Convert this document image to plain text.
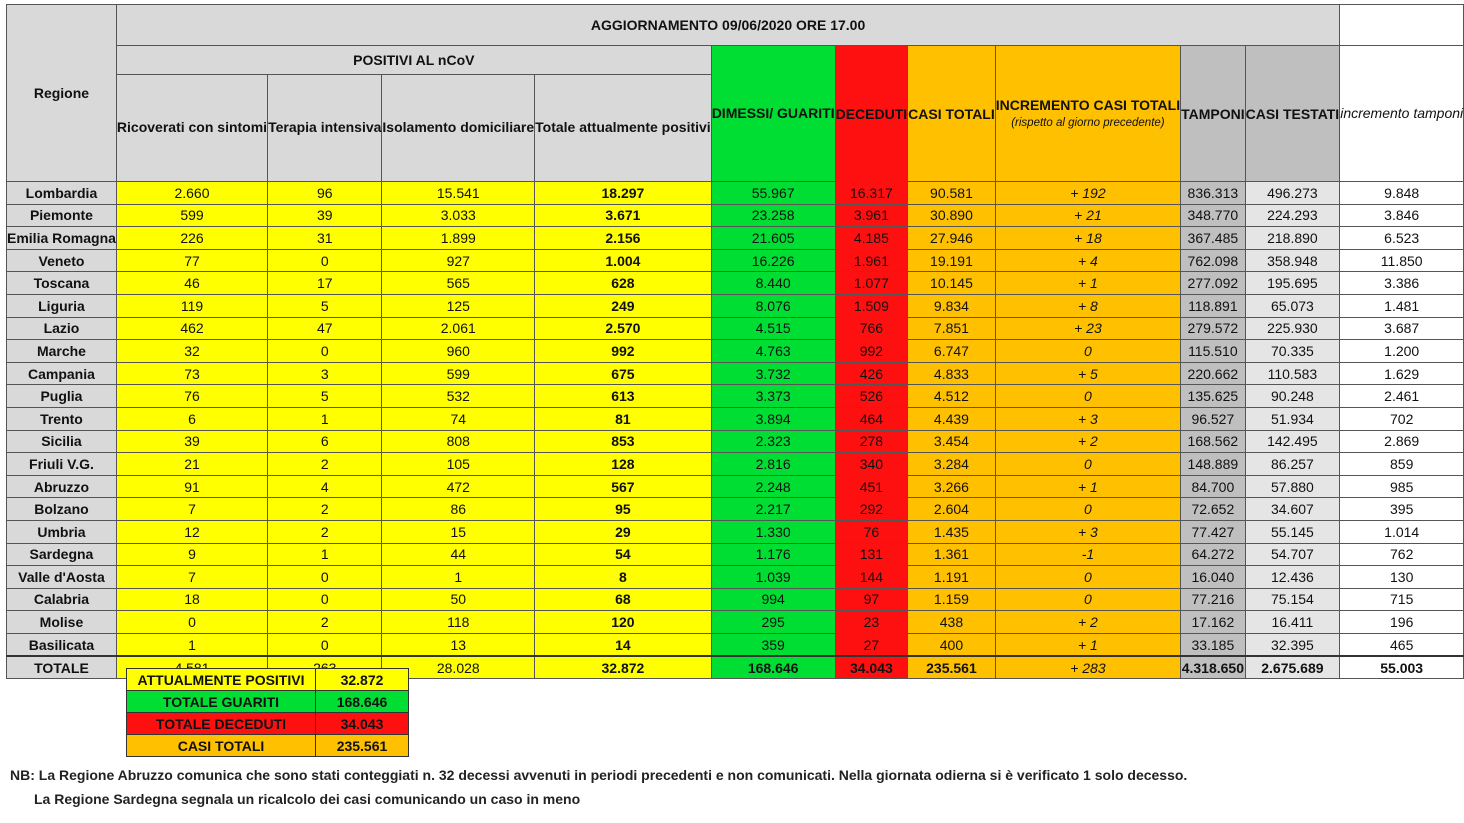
Regione	AGGIORNAMENTO 09/06/2020 ORE 17.00										
	POSITIVI AL nCoV				DIMESSI/ GUARITI	DECEDUTI	CASI TOTALI	INCREMENTO CASI TOTALI
(rispetto al giorno precedente)	TAMPONI	CASI TESTATI	incremento tamponi
	Ricoverati con sintomi	Terapia intensiva	Isolamento domiciliare	Totale attualmente positivi							
Lombardia	2.660	96	15.541	18.297	55.967	16.317	90.581	+ 192	836.313	496.273	9.848
Piemonte	599	39	3.033	3.671	23.258	3.961	30.890	+ 21	348.770	224.293	3.846
Emilia Romagna	226	31	1.899	2.156	21.605	4.185	27.946	+ 18	367.485	218.890	6.523
Veneto	77	0	927	1.004	16.226	1.961	19.191	+ 4	762.098	358.948	11.850
Toscana	46	17	565	628	8.440	1.077	10.145	+ 1	277.092	195.695	3.386
Liguria	119	5	125	249	8.076	1.509	9.834	+ 8	118.891	65.073	1.481
Lazio	462	47	2.061	2.570	4.515	766	7.851	+ 23	279.572	225.930	3.687
Marche	32	0	960	992	4.763	992	6.747	0	115.510	70.335	1.200
Campania	73	3	599	675	3.732	426	4.833	+ 5	220.662	110.583	1.629
Puglia	76	5	532	613	3.373	526	4.512	0	135.625	90.248	2.461
Trento	6	1	74	81	3.894	464	4.439	+ 3	96.527	51.934	702
Sicilia	39	6	808	853	2.323	278	3.454	+ 2	168.562	142.495	2.869
Friuli V.G.	21	2	105	128	2.816	340	3.284	0	148.889	86.257	859
Abruzzo	91	4	472	567	2.248	451	3.266	+ 1	84.700	57.880	985
Bolzano	7	2	86	95	2.217	292	2.604	0	72.652	34.607	395
Umbria	12	2	15	29	1.330	76	1.435	+ 3	77.427	55.145	1.014
Sardegna	9	1	44	54	1.176	131	1.361	-1	64.272	54.707	762
Valle d'Aosta	7	0	1	8	1.039	144	1.191	0	16.040	12.436	130
Calabria	18	0	50	68	994	97	1.159	0	77.216	75.154	715
Molise	0	2	118	120	295	23	438	+ 2	17.162	16.411	196
Basilicata	1	0	13	14	359	27	400	+ 1	33.185	32.395	465
TOTALE			28.028	32.872	168.646	34.043	235.561	+ 283	4.318.650	2.675.689	55.003
ATTUALMENTE POSITIVI	32.872
TOTALE GUARITI	168.646
TOTALE DECEDUTI	34.043
CASI TOTALI	235.561
NB: La Regione Abruzzo comunica che sono stati conteggiati n. 32 decessi avvenuti in periodi precedenti e non comunicati. Nella giornata odierna si è verificato 1 solo decesso.
La Regione Sardegna segnala un ricalcolo dei casi comunicando un caso in meno
